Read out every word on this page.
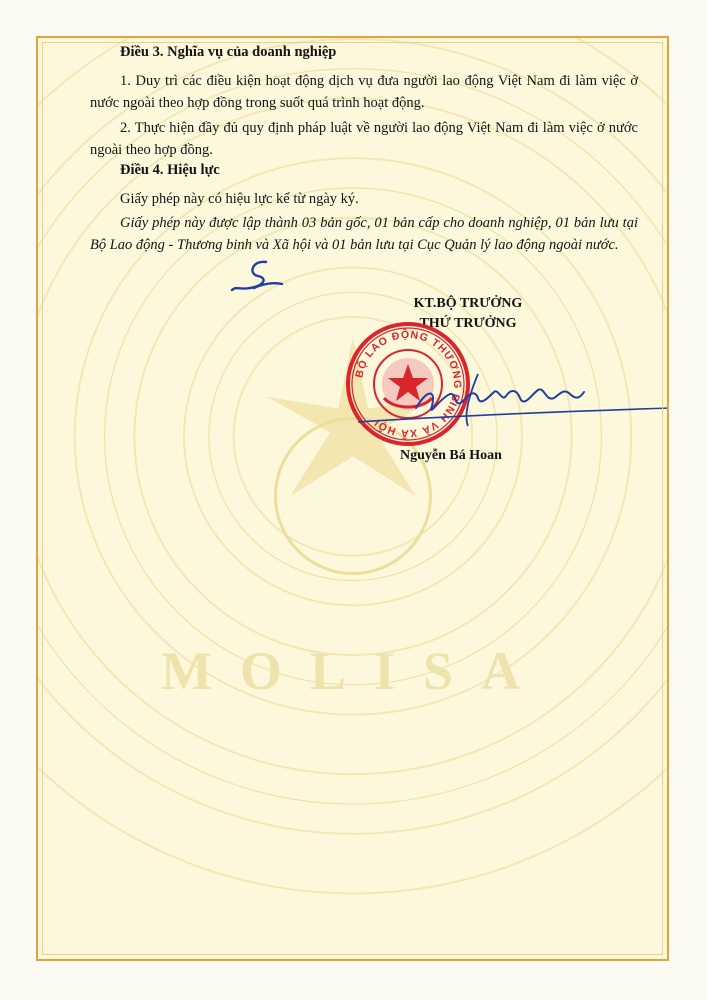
MOLISA

Điều 3. Nghĩa vụ của doanh nghiệp

1. Duy trì các điều kiện hoạt động dịch vụ đưa người lao động Việt Nam đi làm việc ở nước ngoài theo hợp đồng trong suốt quá trình hoạt động.

2. Thực hiện đầy đủ quy định pháp luật về người lao động Việt Nam đi làm việc ở nước ngoài theo hợp đồng.

Điều 4. Hiệu lực

Giấy phép này có hiệu lực kể từ ngày ký.

Giấy phép này được lập thành 03 bản gốc, 01 bản cấp cho doanh nghiệp, 01 bản lưu tại Bộ Lao động - Thương binh và Xã hội và 01 bản lưu tại Cục Quản lý lao động ngoài nước.

KT.BỘ TRƯỞNG

THỨ TRƯỞNG

BỘ LAO ĐỘNG THƯƠNG BINH VÀ XÃ HỘI

Nguyễn Bá Hoan
